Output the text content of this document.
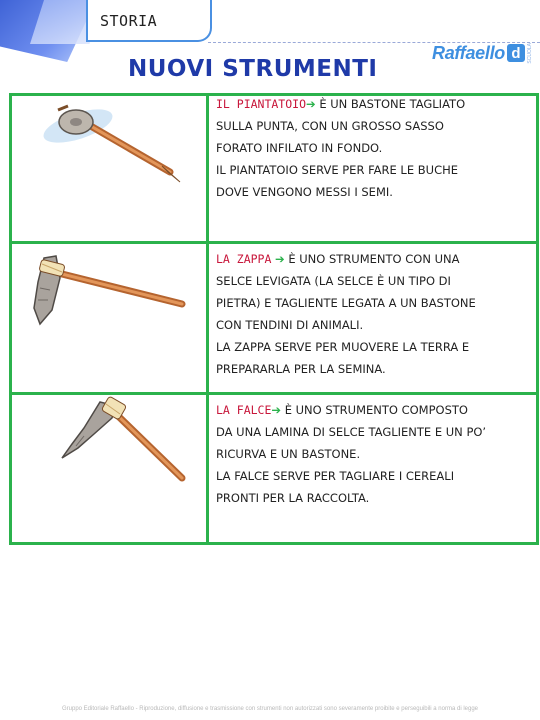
STORIA
NUOVI STRUMENTI
Raffaello d	SCUOLA
IL PIANTATOIO➔ È UN BASTONE TAGLIATO
SULLA PUNTA, CON UN GROSSO SASSO
FORATO INFILATO IN FONDO.
IL PIANTATOIO SERVE PER FARE LE BUCHE
DOVE VENGONO MESSI I SEMI.
LA ZAPPA ➔ È UNO STRUMENTO CON UNA
SELCE LEVIGATA (LA SELCE È UN TIPO DI
PIETRA) E TAGLIENTE LEGATA A UN BASTONE
CON TENDINI DI ANIMALI.
LA ZAPPA SERVE PER MUOVERE LA TERRA E
PREPARARLA PER LA SEMINA.
LA FALCE➔ È UNO STRUMENTO COMPOSTO
DA UNA LAMINA DI SELCE TAGLIENTE E UN PO’
RICURVA E UN BASTONE.
LA FALCE SERVE PER TAGLIARE I CEREALI
PRONTI PER LA RACCOLTA.
Gruppo Editoriale Raffaello - Riproduzione, diffusione e trasmissione con strumenti non autorizzati sono severamente proibite e perseguibili a norma di legge
